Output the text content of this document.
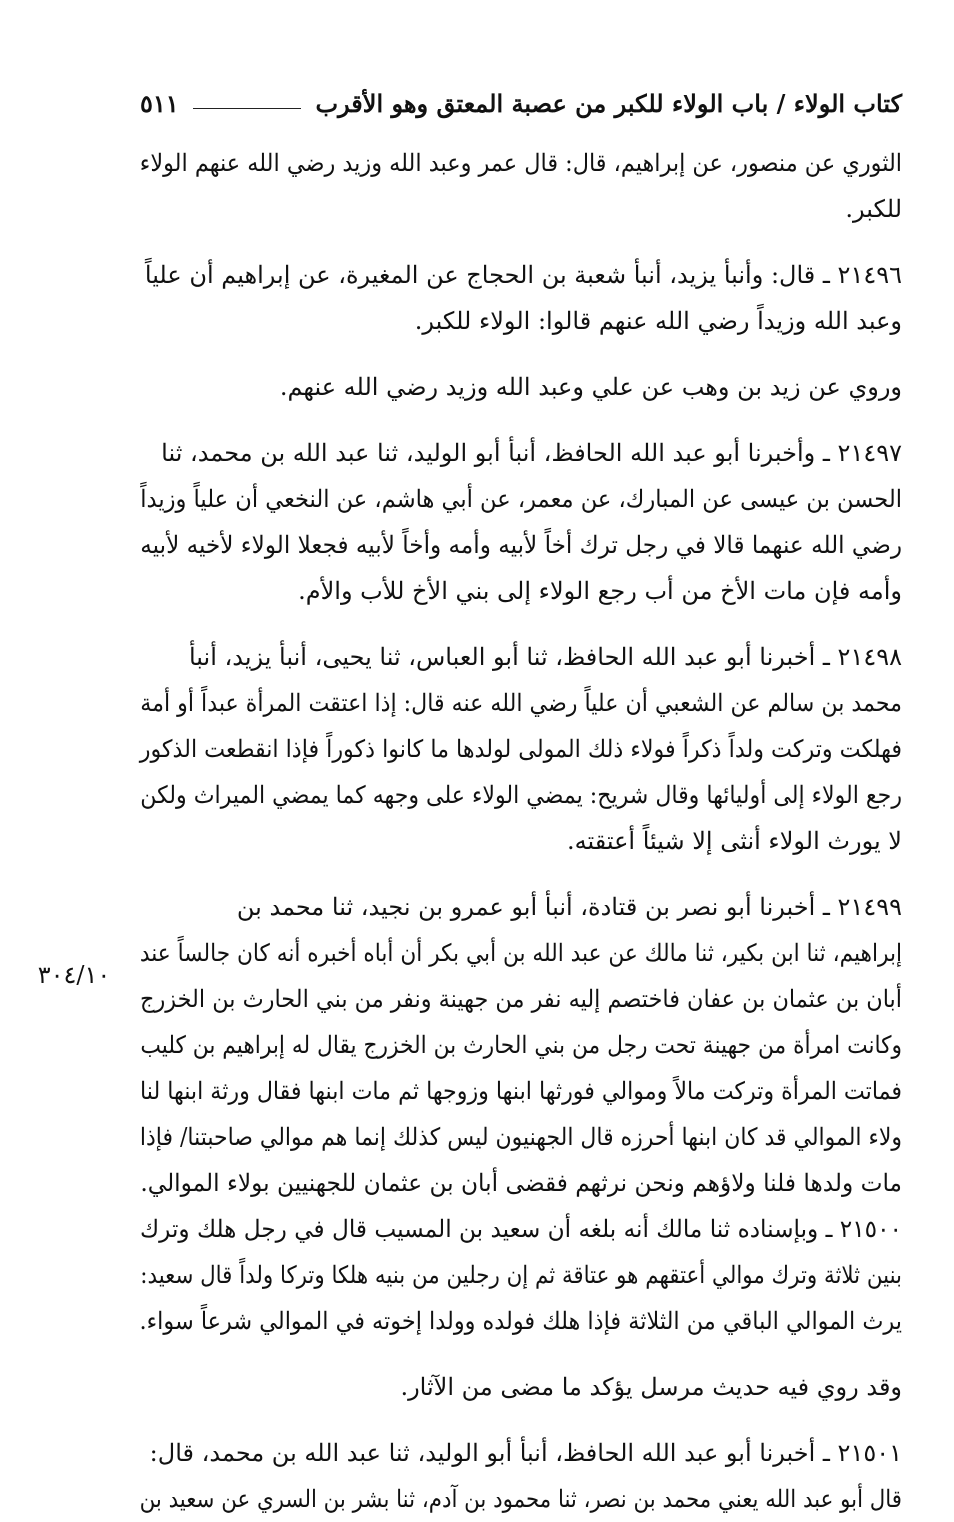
كتاب الولاء / باب الولاء للكبر من عصبة المعتق وهو الأقرب
٥١١
الثوري عن منصور، عن إبراهيم، قال: قال عمر وعبد الله وزيد رضي الله عنهم الولاء
للكبر.
٢١٤٩٦ ـ قال: وأنبأ يزيد، أنبأ شعبة بن الحجاج عن المغيرة، عن إبراهيم أن علياً
وعبد الله وزيداً رضي الله عنهم قالوا: الولاء للكبر.
وروي عن زيد بن وهب عن علي وعبد الله وزيد رضي الله عنهم.
٢١٤٩٧ ـ وأخبرنا أبو عبد الله الحافظ، أنبأ أبو الوليد، ثنا عبد الله بن محمد، ثنا
الحسن بن عيسى عن المبارك، عن معمر، عن أبي هاشم، عن النخعي أن علياً وزيداً
رضي الله عنهما قالا في رجل ترك أخاً لأبيه وأمه وأخاً لأبيه فجعلا الولاء لأخيه لأبيه
وأمه فإن مات الأخ من أب رجع الولاء إلى بني الأخ للأب والأم.
٢١٤٩٨ ـ أخبرنا أبو عبد الله الحافظ، ثنا أبو العباس، ثنا يحيى، أنبأ يزيد، أنبأ
محمد بن سالم عن الشعبي أن علياً رضي الله عنه قال: إذا اعتقت المرأة عبداً أو أمة
فهلكت وتركت ولداً ذكراً فولاء ذلك المولى لولدها ما كانوا ذكوراً فإذا انقطعت الذكور
رجع الولاء إلى أوليائها وقال شريح: يمضي الولاء على وجهه كما يمضي الميراث ولكن
لا يورث الولاء أنثى إلا شيئاً أعتقته.
٢١٤٩٩ ـ أخبرنا أبو نصر بن قتادة، أنبأ أبو عمرو بن نجيد، ثنا محمد بن
إبراهيم، ثنا ابن بكير، ثنا مالك عن عبد الله بن أبي بكر أن أباه أخبره أنه كان جالساً عند
أبان بن عثمان بن عفان فاختصم إليه نفر من جهينة ونفر من بني الحارث بن الخزرج
وكانت امرأة من جهينة تحت رجل من بني الحارث بن الخزرج يقال له إبراهيم بن كليب
فماتت المرأة وتركت مالاً وموالي فورثها ابنها وزوجها ثم مات ابنها فقال ورثة ابنها لنا
ولاء الموالي قد كان ابنها أحرزه قال الجهنيون ليس كذلك إنما هم موالي صاحبتنا/ فإذا
مات ولدها فلنا ولاؤهم ونحن نرثهم فقضى أبان بن عثمان للجهنيين بولاء الموالي.
٢١٥٠٠ ـ وبإسناده ثنا مالك أنه بلغه أن سعيد بن المسيب قال في رجل هلك وترك
بنين ثلاثة وترك موالي أعتقهم هو عتاقة ثم إن رجلين من بنيه هلكا وتركا ولداً قال سعيد:
يرث الموالي الباقي من الثلاثة فإذا هلك فولده وولدا إخوته في الموالي شرعاً سواء.
وقد روي فيه حديث مرسل يؤكد ما مضى من الآثار.
٢١٥٠١ ـ أخبرنا أبو عبد الله الحافظ، أنبأ أبو الوليد، ثنا عبد الله بن محمد، قال:
قال أبو عبد الله يعني محمد بن نصر، ثنا محمود بن آدم، ثنا بشر بن السري عن سعيد بن
٣٠٤/١٠
